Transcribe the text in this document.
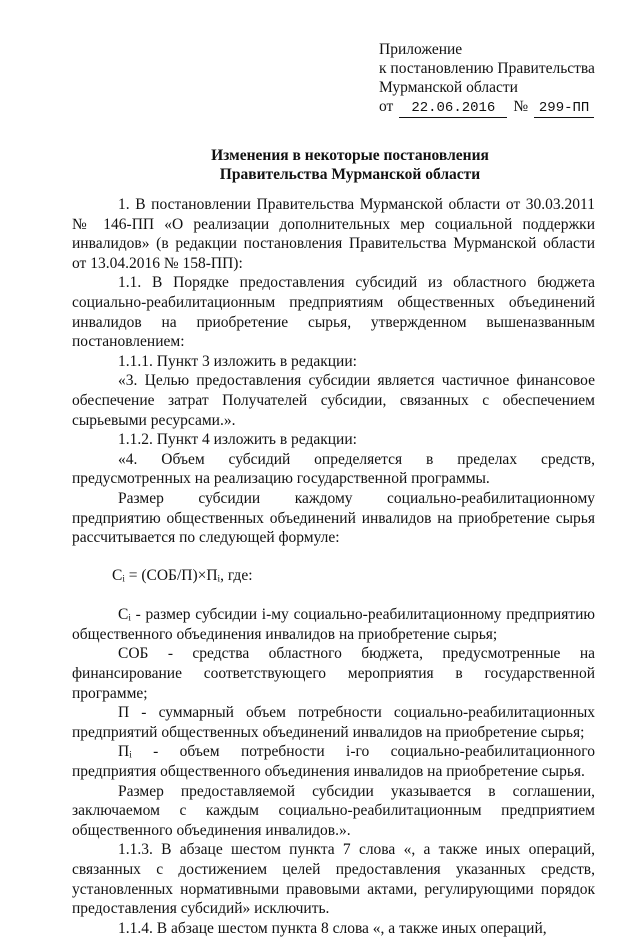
Приложение
к постановлению Правительства
Мурманской области
от	22.06.2016	№ 299-ПП
Изменения в некоторые постановления
Правительства Мурманской области

1. В постановлении Правительства Мурманской области от 30.03.2011 № 146-ПП «О реализации дополнительных мер социальной поддержки инвалидов» (в редакции постановления Правительства Мурманской области от 13.04.2016 № 158-ПП):

1.1. В Порядке предоставления субсидий из областного бюджета социально-реабилитационным предприятиям общественных объединений инвалидов на приобретение сырья, утвержденном вышеназванным постановлением:

1.1.1. Пункт 3 изложить в редакции:

«3. Целью предоставления субсидии является частичное финансовое обеспечение затрат Получателей субсидии, связанных с обеспечением сырьевыми ресурсами.».

1.1.2. Пункт 4 изложить в редакции:

«4. Объем субсидий определяется в пределах средств, предусмотренных на реализацию государственной программы.

Размер субсидии каждому социально-реабилитационному предприятию общественных объединений инвалидов на приобретение сырья рассчитывается по следующей формуле:

Сᵢ = (СОБ/П)×Пᵢ, где:

Сᵢ - размер субсидии i-му социально-реабилитационному предприятию общественного объединения инвалидов на приобретение сырья;

СОБ - средства областного бюджета, предусмотренные на финансирование соответствующего мероприятия в государственной программе;

П - суммарный объем потребности социально-реабилитационных предприятий общественных объединений инвалидов на приобретение сырья;

Пᵢ - объем потребности i-го социально-реабилитационного предприятия общественного объединения инвалидов на приобретение сырья.

Размер предоставляемой субсидии указывается в соглашении, заключаемом с каждым социально-реабилитационным предприятием общественного объединения инвалидов.».

1.1.3. В абзаце шестом пункта 7 слова «, а также иных операций, связанных с достижением целей предоставления указанных средств, установленных нормативными правовыми актами, регулирующими порядок предоставления субсидий» исключить.

1.1.4. В абзаце шестом пункта 8 слова «, а также иных операций,
